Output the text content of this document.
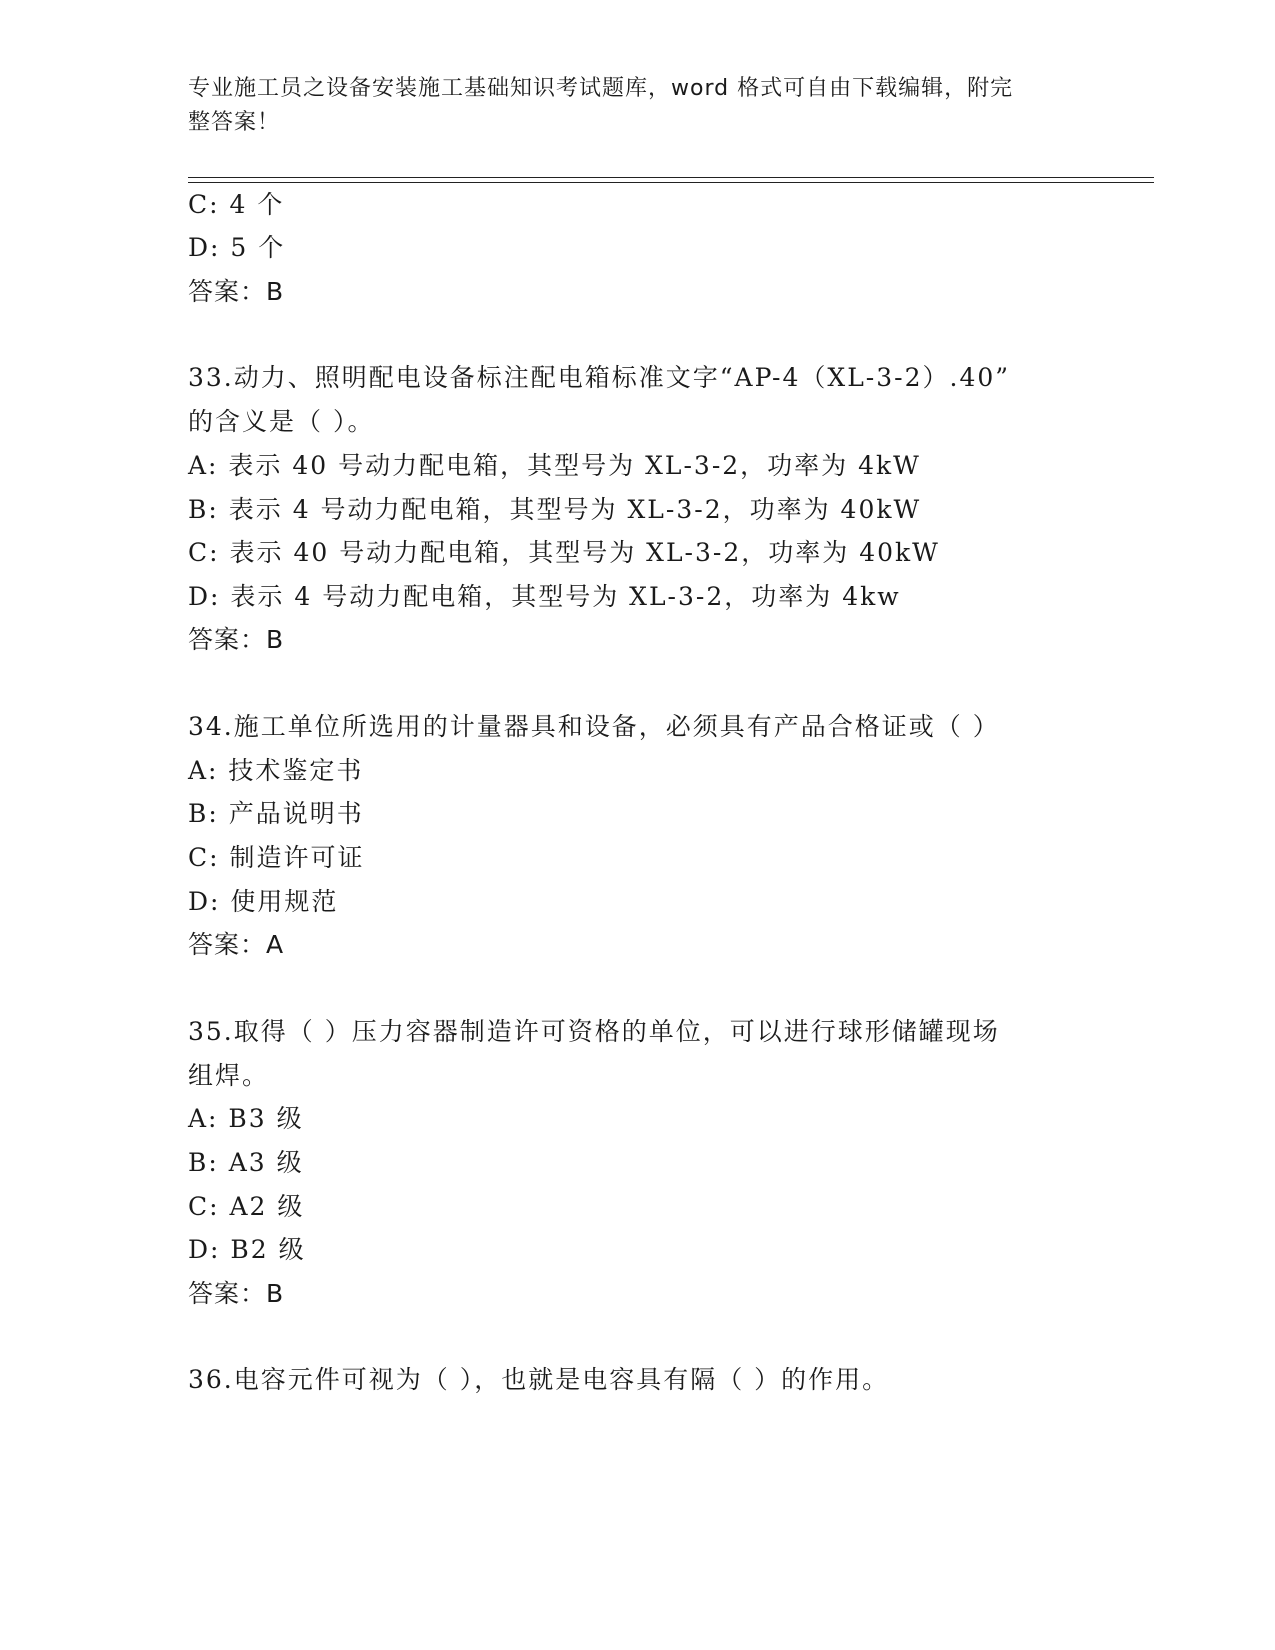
专业施工员之设备安装施工基础知识考试题库，word 格式可自由下载编辑，附完
整答案！
C: 4 个
D: 5 个
答案：B
33.动力、照明配电设备标注配电箱标准文字“AP-4（XL-3-2）.40”
的含义是（ ）。
A: 表示 40 号动力配电箱，其型号为 XL-3-2，功率为 4kW
B: 表示 4 号动力配电箱，其型号为 XL-3-2，功率为 40kW
C: 表示 40 号动力配电箱，其型号为 XL-3-2，功率为 40kW
D: 表示 4 号动力配电箱，其型号为 XL-3-2，功率为 4kw
答案：B
34.施工单位所选用的计量器具和设备，必须具有产品合格证或（ ）
A: 技术鉴定书
B: 产品说明书
C: 制造许可证
D: 使用规范
答案：A
35.取得（ ）压力容器制造许可资格的单位，可以进行球形储罐现场
组焊。
A: B3 级
B: A3 级
C: A2 级
D: B2 级
答案：B
36.电容元件可视为（ ），也就是电容具有隔（ ）的作用。
